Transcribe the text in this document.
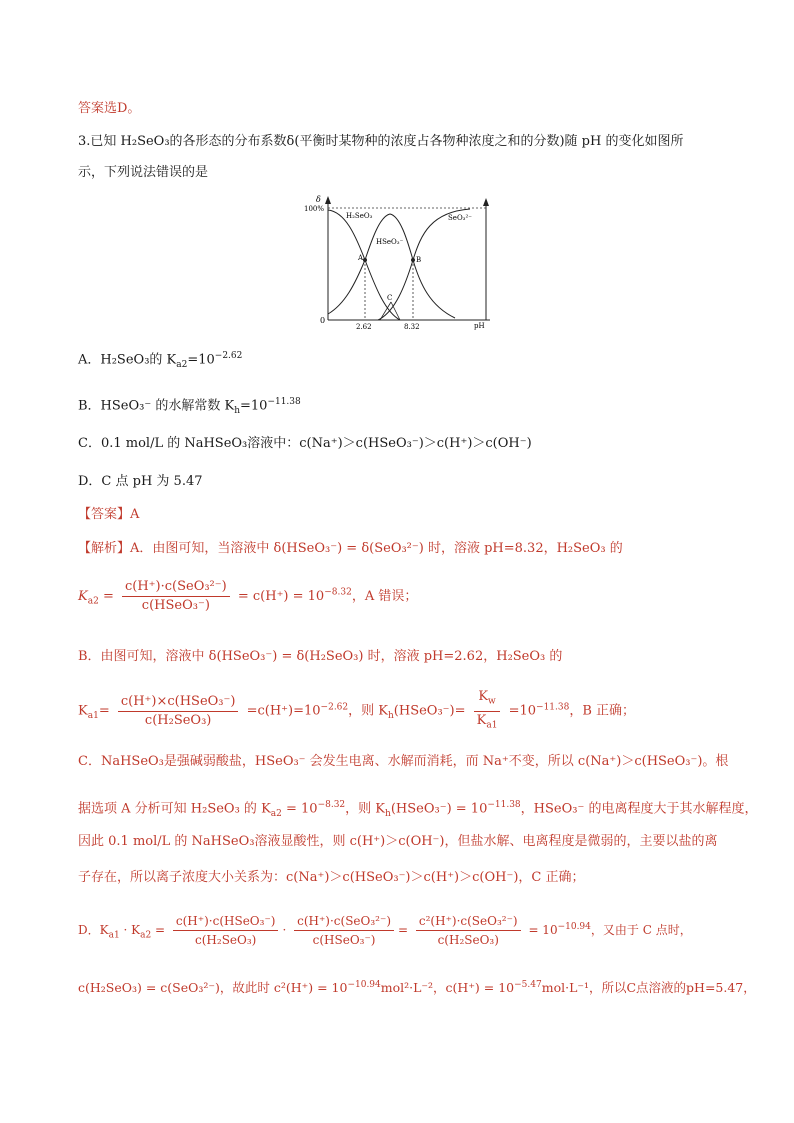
答案选D。
3.已知 H₂SeO₃的各形态的分布系数δ(平衡时某物种的浓度占各物种浓度之和的分数)随 pH 的变化如图所
示，下列说法错误的是
δ
100%
0
pH
2.62	8.32
H₂SeO₃
HSeO₃⁻
SeO₃²⁻
A	B
C
A．H₂SeO₃的 $K_{a2}=10^{-2.62}$
B．HSeO₃⁻ 的水解常数 $K_h=10^{-11.38}$
C．0.1 mol/L 的 NaHSeO₃溶液中：c(Na⁺)＞c(HSeO₃⁻)＞c(H⁺)＞c(OH⁻)
D．C 点 pH 为 5.47
【答案】A
【解析】A．由图可知，当溶液中 δ(HSeO₃⁻) = δ(SeO₃²⁻) 时，溶液 pH=8.32，H₂SeO₃ 的
$K_{a2} = \frac{\text{c(H⁺)·c(SeO₃²⁻)}}{\text{c(HSeO₃⁻)}} = c(H^+) = 10^{-8.32}$，A 错误；
B．由图可知，溶液中 δ(HSeO₃⁻) = δ(H₂SeO₃) 时，溶液 pH=2.62，H₂SeO₃ 的
$K_{a1}= \frac{\text{c(H⁺)×c(HSeO₃⁻)}}{\text{c(H₂SeO₃)}} =c(H^+)=10^{-2.62}$，则 $K_h(HSeO_3^-)= \frac{K_w}{K_{a1}} =10^{-11.38}$，B 正确；
C．NaHSeO₃是强碱弱酸盐，HSeO₃⁻ 会发生电离、水解而消耗，而 Na⁺不变，所以 c(Na⁺)＞c(HSeO₃⁻)。根
据选项 A 分析可知 H₂SeO₃ 的 $K_{a2} = 10^{-8.32}$，则 $K_h(HSeO_3^-) = 10^{-11.38}$，HSeO₃⁻ 的电离程度大于其水解程度，
因此 0.1 mol/L 的 NaHSeO₃溶液显酸性，则 c(H⁺)＞c(OH⁻)，但盐水解、电离程度是微弱的，主要以盐的离
子存在，所以离子浓度大小关系为：c(Na⁺)＞c(HSeO₃⁻)＞c(H⁺)＞c(OH⁻)，C 正确；
D．$K_{a1} \cdot K_{a2} = \frac{\text{c(H⁺)·c(HSeO₃⁻)}}{\text{c(H₂SeO₃)}} \cdot \frac{\text{c(H⁺)·c(SeO₃²⁻)}}{\text{c(HSeO₃⁻)}} = \frac{\text{c²(H⁺)·c(SeO₃²⁻)}}{\text{c(H₂SeO₃)}} = 10^{-10.94}$，又由于 C 点时，
c(H₂SeO₃) = c(SeO₃²⁻)，故此时 $c^2(H^+) = 10^{-10.94}mol^2\cdot L^{-2}$，$c(H^+) = 10^{-5.47}mol\cdot L^{-1}$，所以C点溶液的pH=5.47，
